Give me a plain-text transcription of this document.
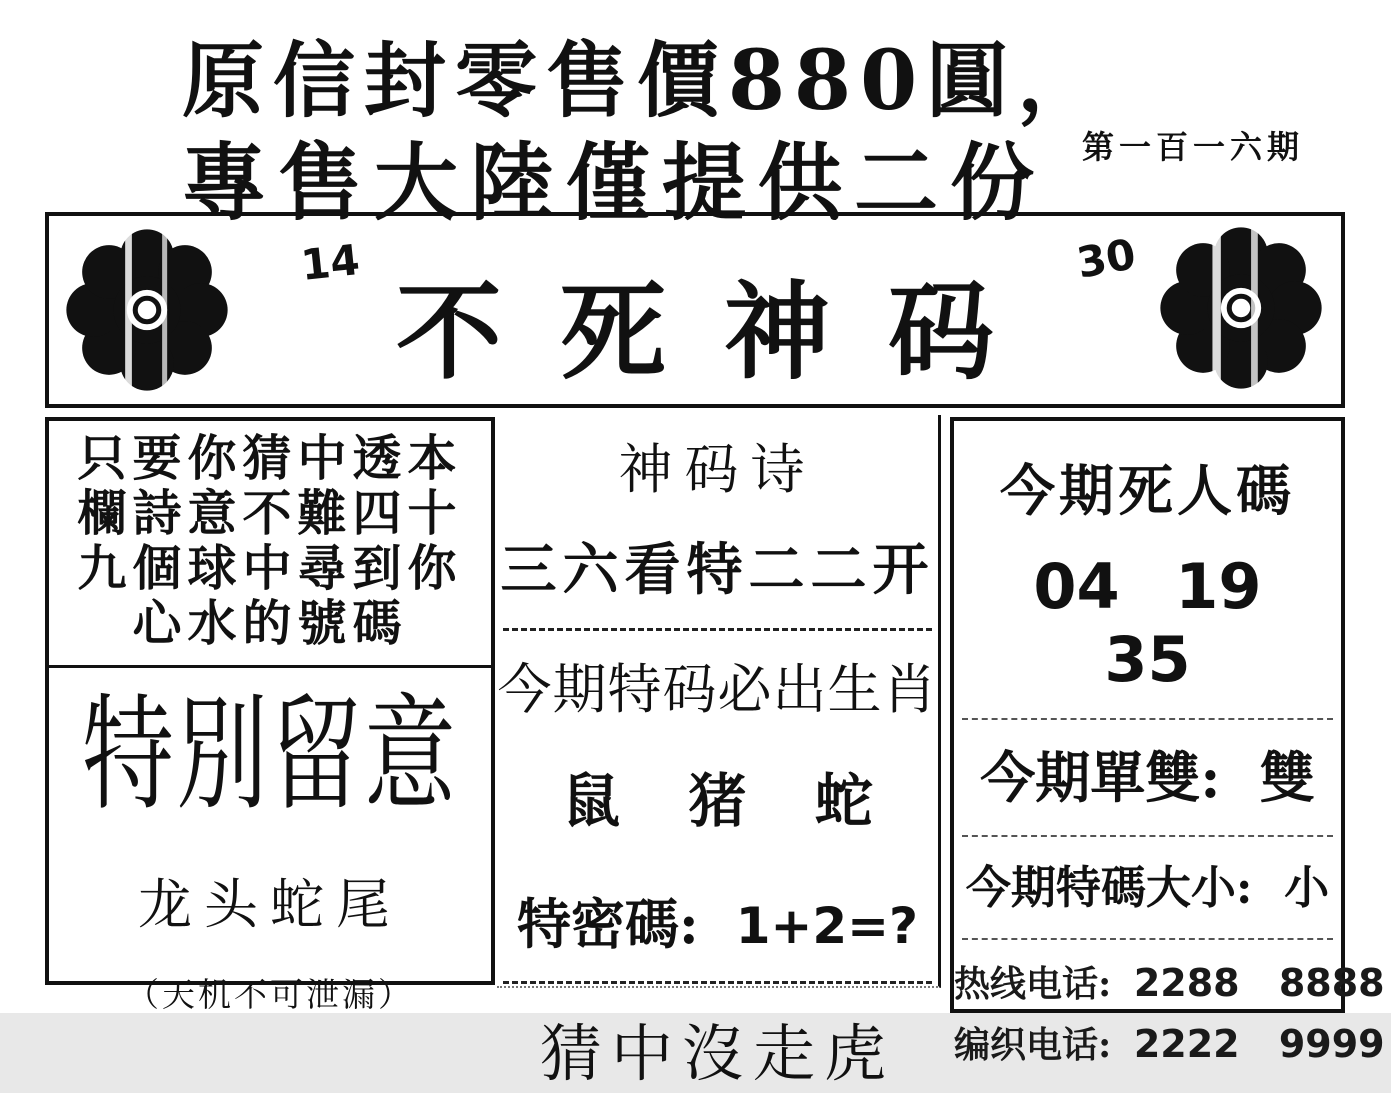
原信封零售價880圓，
專售大陸僅提供二份 第一百一六期
14
不死神码
30
只要你猜中透本
欄詩意不難四十
九個球中尋到你
心水的號碼
特別留意
龙头蛇尾
（天机不可泄漏）
神码诗
三六看特二二开
今期特码必出生肖
鼠 猪 蛇
特密碼: 1+2=?
猜中沒走虎
今期死人碼
04 19 35
今期單雙: 雙
今期特碼大小: 小
热线电话: 2288 8888
编织电话: 2222 9999
